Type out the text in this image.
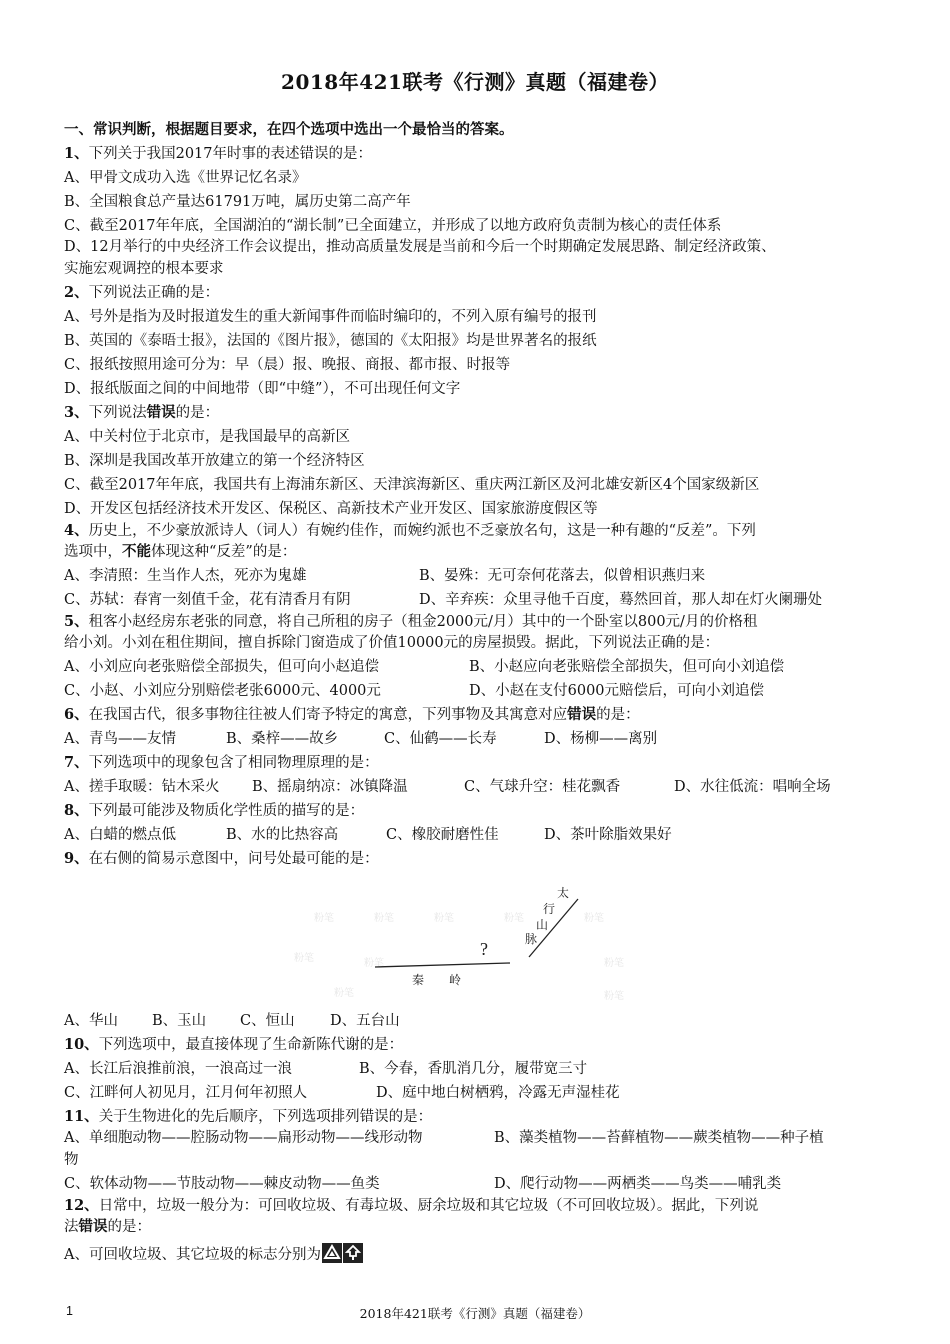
2018年421联考《行测》真题（福建卷）
一、常识判断，根据题目要求，在四个选项中选出一个最恰当的答案。
1、下列关于我国2017年时事的表述错误的是：
A、甲骨文成功入选《世界记忆名录》
B、全国粮食总产量达61791万吨，属历史第二高产年
C、截至2017年年底，全国湖泊的“湖长制”已全面建立，并形成了以地方政府负责制为核心的责任体系
D、12月举行的中央经济工作会议提出，推动高质量发展是当前和今后一个时期确定发展思路、制定经济政策、
实施宏观调控的根本要求
2、下列说法正确的是：
A、号外是指为及时报道发生的重大新闻事件而临时编印的，不列入原有编号的报刊
B、英国的《泰晤士报》，法国的《图片报》，德国的《太阳报》均是世界著名的报纸
C、报纸按照用途可分为：早（晨）报、晚报、商报、都市报、时报等
D、报纸版面之间的中间地带（即“中缝”），不可出现任何文字
3、下列说法错误的是：
A、中关村位于北京市，是我国最早的高新区
B、深圳是我国改革开放建立的第一个经济特区
C、截至2017年年底，我国共有上海浦东新区、天津滨海新区、重庆两江新区及河北雄安新区4个国家级新区
D、开发区包括经济技术开发区、保税区、高新技术产业开发区、国家旅游度假区等
4、历史上，不少豪放派诗人（词人）有婉约佳作，而婉约派也不乏豪放名句，这是一种有趣的“反差”。下列
选项中，不能体现这种“反差”的是：
A、李清照：生当作人杰，死亦为鬼雄	B、晏殊：无可奈何花落去，似曾相识燕归来
C、苏轼：春宵一刻值千金，花有清香月有阴	D、辛弃疾：众里寻他千百度，蓦然回首，那人却在灯火阑珊处
5、租客小赵经房东老张的同意，将自己所租的房子（租金2000元/月）其中的一个卧室以800元/月的价格租
给小刘。小刘在租住期间，擅自拆除门窗造成了价值10000元的房屋损毁。据此，下列说法正确的是：
A、小刘应向老张赔偿全部损失，但可向小赵追偿	B、小赵应向老张赔偿全部损失，但可向小刘追偿
C、小赵、小刘应分别赔偿老张6000元、4000元	D、小赵在支付6000元赔偿后，可向小刘追偿
6、在我国古代，很多事物往往被人们寄予特定的寓意，下列事物及其寓意对应错误的是：
A、青鸟——友情	B、桑梓——故乡	C、仙鹤——长寿	D、杨柳——离别
7、下列选项中的现象包含了相同物理原理的是：
A、搓手取暖：钻木采火	B、摇扇纳凉：冰镇降温	C、气球升空：桂花飘香	D、水往低流：唱响全场
8、下列最可能涉及物质化学性质的描写的是：
A、白蜡的燃点低	B、水的比热容高	C、橡胶耐磨性佳	D、茶叶除脂效果好
9、在右侧的简易示意图中，问号处最可能的是：
粉笔	粉笔	粉笔	粉笔	粉笔
粉笔	粉笔	粉笔
粉笔	粉笔
太
行
山
脉
秦 岭
?
A、华山	B、玉山	C、恒山	D、五台山
10、下列选项中，最直接体现了生命新陈代谢的是：
A、长江后浪推前浪，一浪高过一浪	B、今春，香肌消几分，履带宽三寸
C、江畔何人初见月，江月何年初照人	D、庭中地白树栖鸦，冷露无声湿桂花
11、关于生物进化的先后顺序，下列选项排列错误的是：
A、单细胞动物——腔肠动物——扁形动物——线形动物	B、藻类植物——苔藓植物——蕨类植物——种子植
物
C、软体动物——节肢动物——棘皮动物——鱼类	D、爬行动物——两栖类——鸟类——哺乳类
12、日常中，垃圾一般分为：可回收垃圾、有毒垃圾、厨余垃圾和其它垃圾（不可回收垃圾）。据此，下列说
法错误的是：
A、可回收垃圾、其它垃圾的标志分别为
1	2018年421联考《行测》真题（福建卷）
